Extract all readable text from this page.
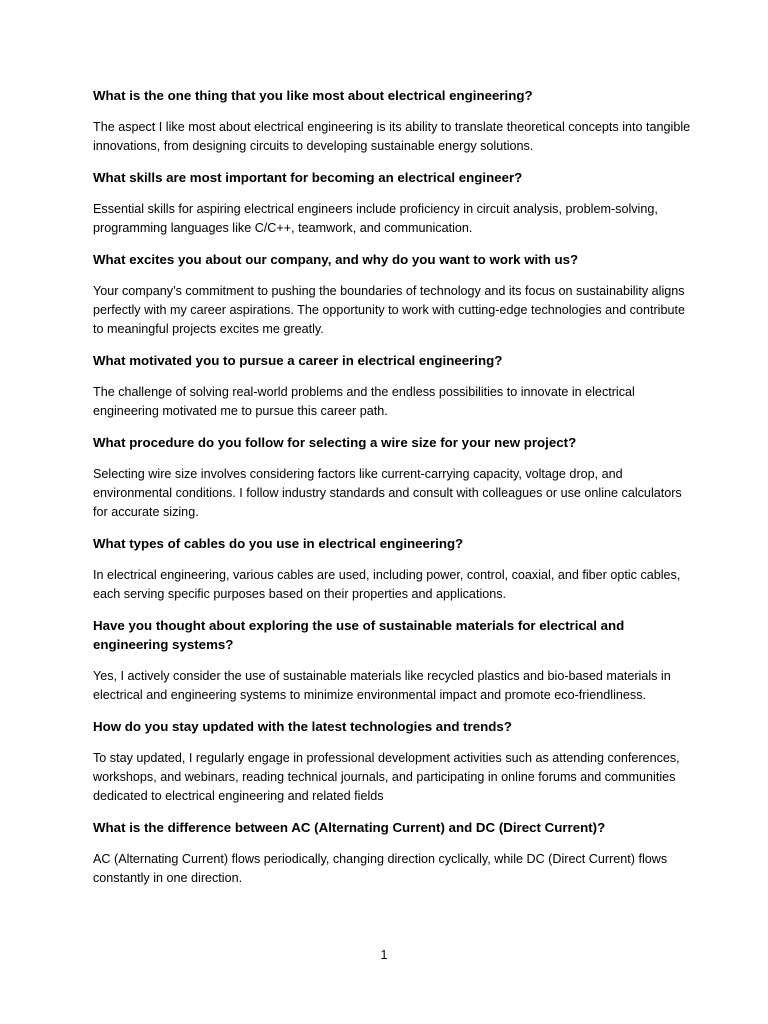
What is the one thing that you like most about electrical engineering?

The aspect I like most about electrical engineering is its ability to translate theoretical concepts into tangible innovations, from designing circuits to developing sustainable energy solutions.

What skills are most important for becoming an electrical engineer?

Essential skills for aspiring electrical engineers include proficiency in circuit analysis, problem-solving, programming languages like C/C++, teamwork, and communication.

What excites you about our company, and why do you want to work with us?

Your company’s commitment to pushing the boundaries of technology and its focus on sustainability aligns perfectly with my career aspirations. The opportunity to work with cutting-edge technologies and contribute to meaningful projects excites me greatly.

What motivated you to pursue a career in electrical engineering?

The challenge of solving real-world problems and the endless possibilities to innovate in electrical engineering motivated me to pursue this career path.

What procedure do you follow for selecting a wire size for your new project?

Selecting wire size involves considering factors like current-carrying capacity, voltage drop, and environmental conditions. I follow industry standards and consult with colleagues or use online calculators for accurate sizing.

What types of cables do you use in electrical engineering?

In electrical engineering, various cables are used, including power, control, coaxial, and fiber optic cables, each serving specific purposes based on their properties and applications.

Have you thought about exploring the use of sustainable materials for electrical and engineering systems?

Yes, I actively consider the use of sustainable materials like recycled plastics and bio-based materials in electrical and engineering systems to minimize environmental impact and promote eco-friendliness.

How do you stay updated with the latest technologies and trends?

To stay updated, I regularly engage in professional development activities such as attending conferences, workshops, and webinars, reading technical journals, and participating in online forums and communities dedicated to electrical engineering and related fields

What is the difference between AC (Alternating Current) and DC (Direct Current)?

AC (Alternating Current) flows periodically, changing direction cyclically, while DC (Direct Current) flows constantly in one direction.

1
